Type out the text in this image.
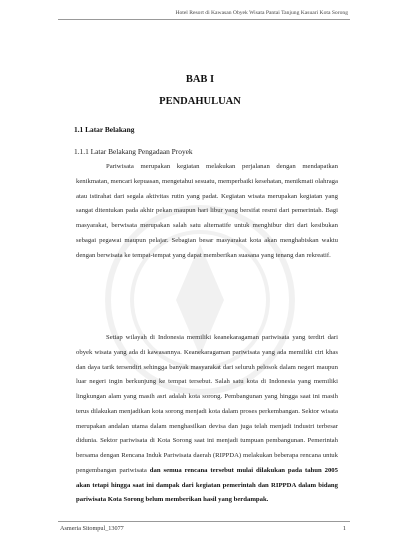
Hotel Resort di Kawasan Obyek Wisata Pantai Tanjung Kasuari Kota Sorong
BAB I
PENDAHULUAN
1.1 Latar Belakang
1.1.1 Latar Belakang Pengadaan Proyek

Pariwisata merupakan kegiatan melakukan perjalanan dengan mendapatkan kenikmatan, mencari kepuasan, mengetahui sesuatu, memperbaiki kesehatan, menikmati olahraga atau istirahat dari segala aktivitas rutin yang padat. Kegiatan wisata merupakan kegiatan yang sangat ditentukan pada akhir pekan maupun hari libur yang bersifat resmi dari pemerintah. Bagi masyarakat, berwisata merupakan salah satu alternatife untuk menghibur diri dari kesibukan sebagai pegawai maupun pelajar. Sebagian besar masyarakat kota akan menghabiskan waktu dengan berwisata ke tempat-tempat yang dapat memberikan suasana yang tenang dan rekreatif.

Setiap wilayah di Indonesia memiliki keanekaragaman pariwisata yang terdiri dari obyek wisata yang ada di kawasannya. Keanekaragaman pariwisata yang ada memiliki ciri khas dan daya tarik tersendiri sehingga banyak masyarakat dari seluruh pelosok dalam negeri maupun luar negeri ingin berkunjung ke tempat tersebut. Salah satu kota di Indonesia yang memiliki lingkungan alam yang masih asri adalah kota sorong. Pembangunan yang hingga saat ini masih terus dilakukan menjadikan kota sorong menjadi kota dalam proses perkembangan. Sektor wisata merupakan andalan utama dalam menghasilkan devisa dan juga telah menjadi industri terbesar didunia. Sektor pariwisata di Kota Sorong saat ini menjadi tumpuan pembangunan. Pemerintah bersama dengan Rencana Induk Pariwisata daerah (RIPPDA) melakukan beberapa rencana untuk pengembangan pariwisata dan semua rencana tersebut mulai dilakukan pada tahun 2005 akan tetapi hingga saat ini dampak dari kegiatan pemerintah dan RIPPDA dalam bidang pariwisata Kota Sorong belum memberikan hasil yang berdampak.

Asmeria Sitompul_13077	1
